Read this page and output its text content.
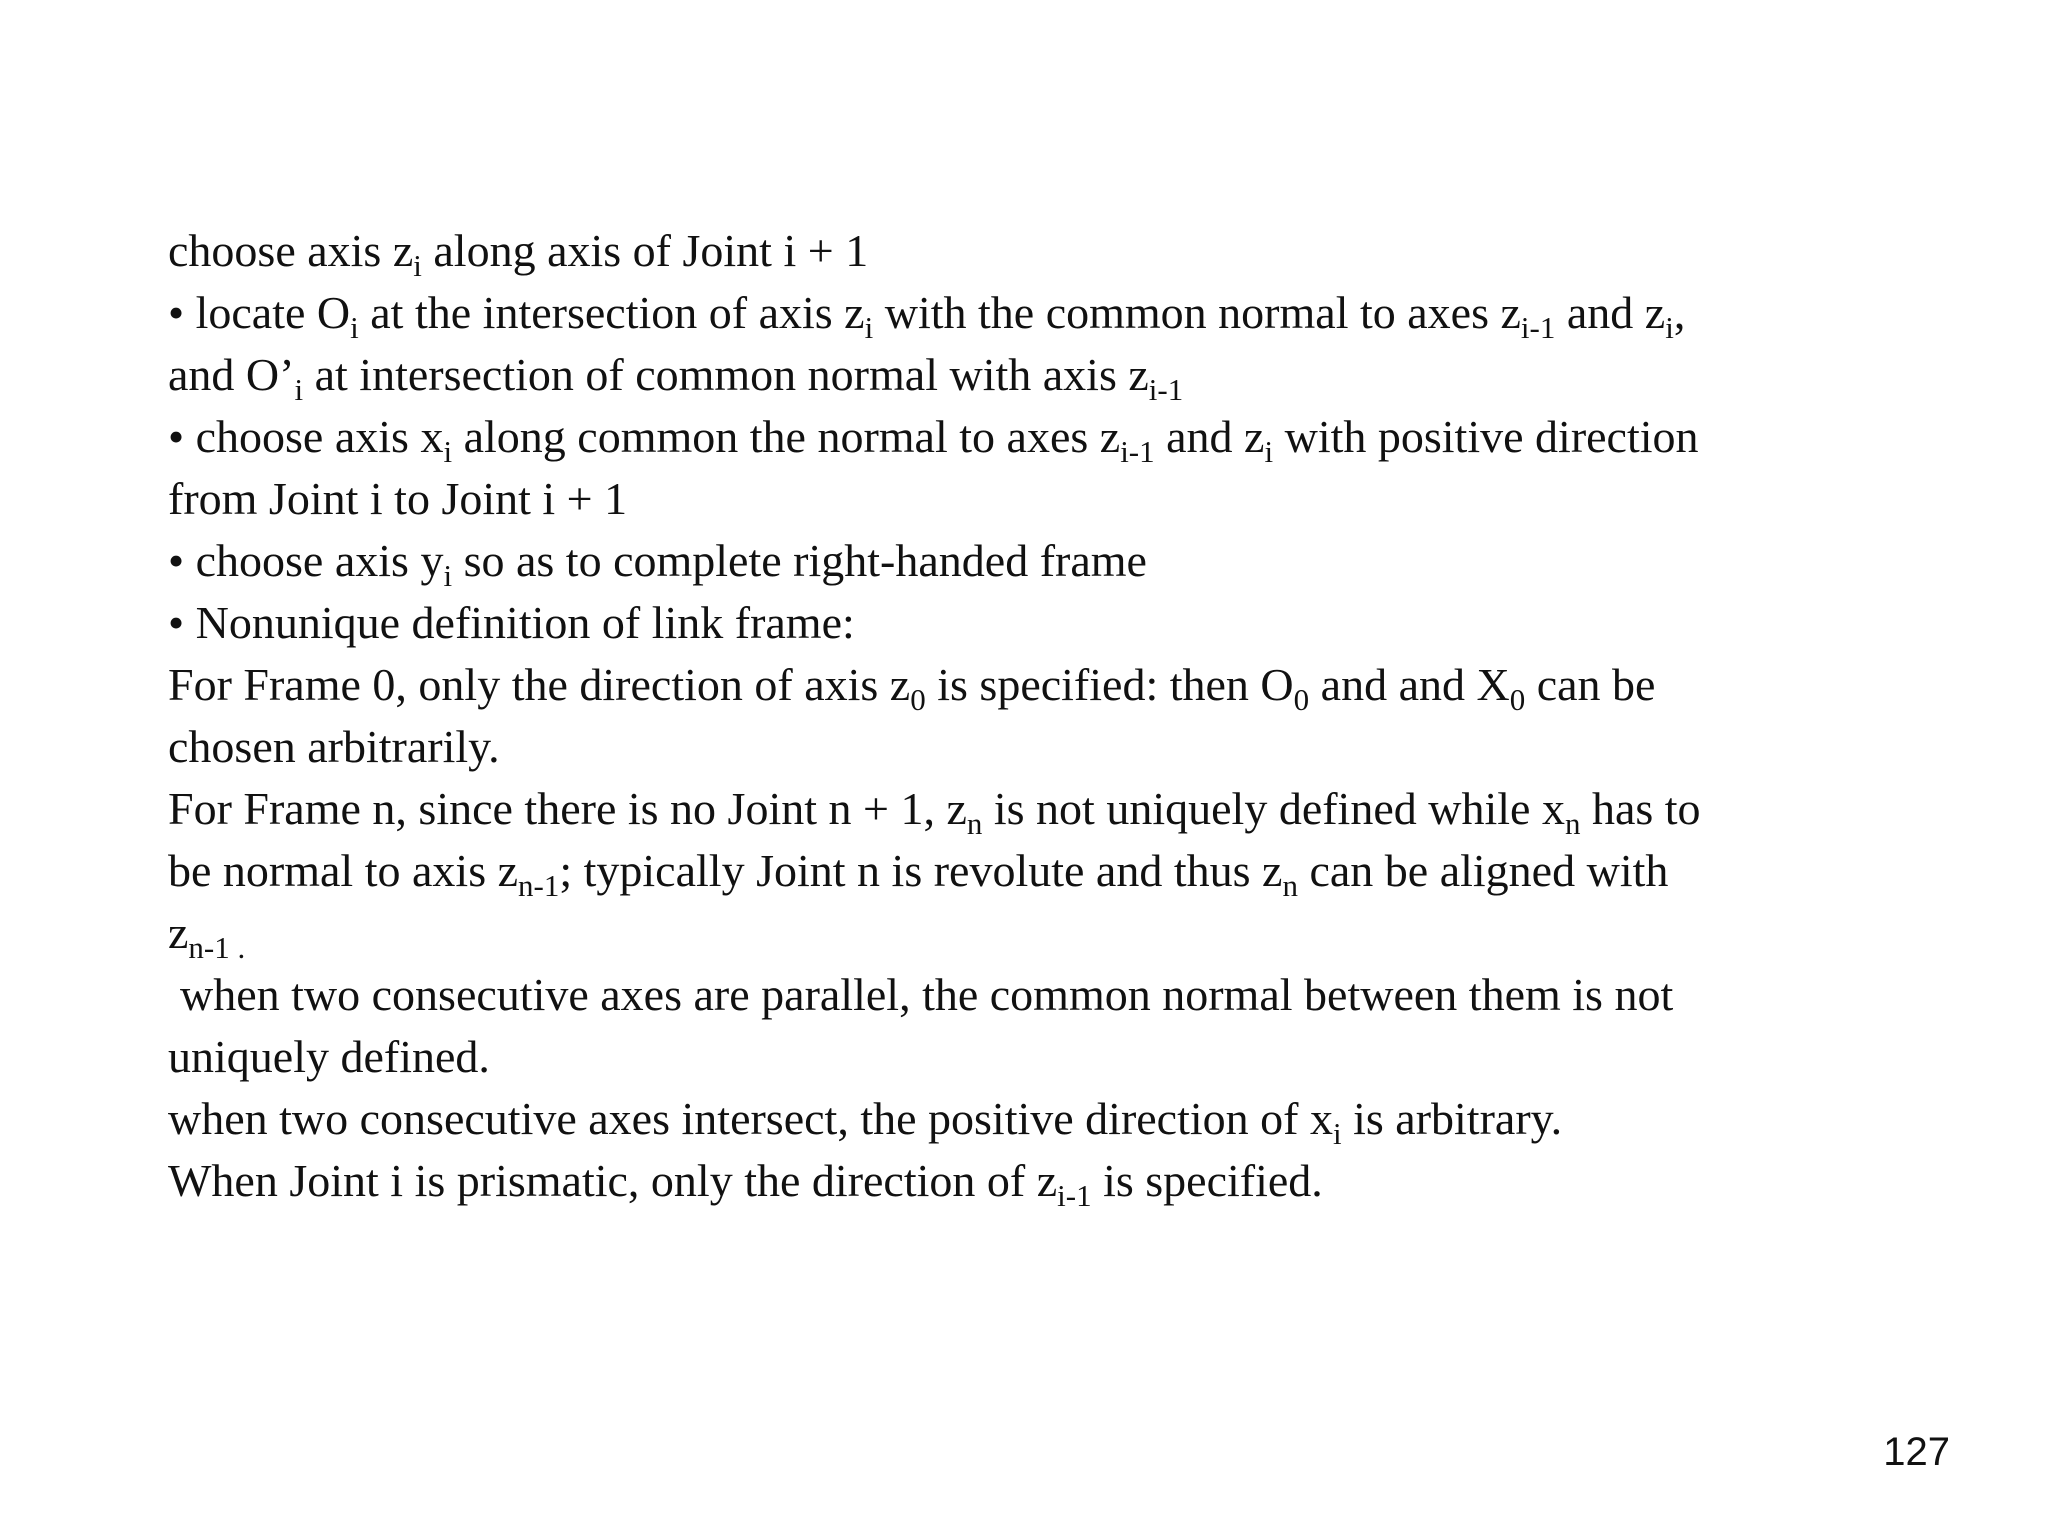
choose axis $z_i$ along axis of Joint i + 1
• locate $O_i$ at the intersection of axis $z_i$ with the common normal to axes $z_{i-1}$ and $z_i$,
and $O’_i$ at intersection of common normal with axis $z_{i-1}$
• choose axis $x_i$ along common the normal to axes $z_{i-1}$ and $z_i$ with positive direction
from Joint i to Joint i + 1
• choose axis $y_i$ so as to complete right-handed frame
• Nonunique definition of link frame:
For Frame 0, only the direction of axis $z_0$ is specified: then $O_0$ and and $X_0$ can be
chosen arbitrarily.
For Frame n, since there is no Joint n + 1, $z_n$ is not uniquely defined while $x_n$ has to
be normal to axis $z_{n-1}$; typically Joint n is revolute and thus $z_n$ can be aligned with
$z_{n-1 .}$
when two consecutive axes are parallel, the common normal between them is not
uniquely defined.
when two consecutive axes intersect, the positive direction of $x_i$ is arbitrary.
When Joint i is prismatic, only the direction of $z_{i-1}$ is specified.
127
